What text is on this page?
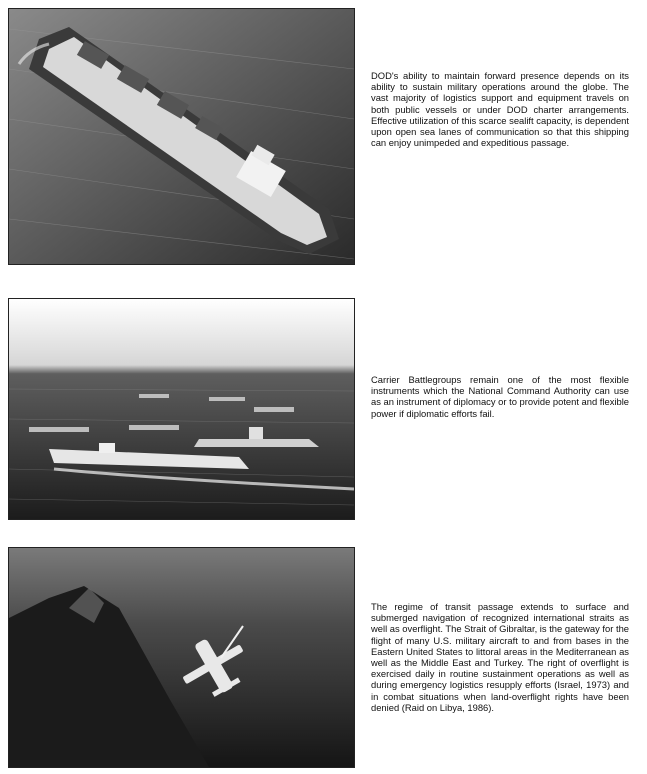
DOD's ability to maintain forward presence depends on its ability to sustain military operations around the globe. The vast majority of logistics support and equipment travels on both public vessels or under DOD charter arrangements. Effective utilization of this scarce sealift capacity, is dependent upon open sea lanes of communication so that this shipping can enjoy unimpeded and expeditious passage.

Carrier Battlegroups remain one of the most flexible instruments which the National Command Authority can use as an instrument of diplomacy or to provide potent and flexible power if diplomatic efforts fail.

The regime of transit passage extends to surface and submerged navigation of recognized international straits as well as overflight. The Strait of Gibraltar, is the gateway for the flight of many U.S. military aircraft to and from bases in the Eastern United States to littoral areas in the Mediterranean as well as the Middle East and Turkey. The right of overflight is exercised daily in routine sustainment operations as well as during emergency logistics resupply efforts (Israel, 1973) and in combat situations when land-overflight rights have been denied (Raid on Libya, 1986).
